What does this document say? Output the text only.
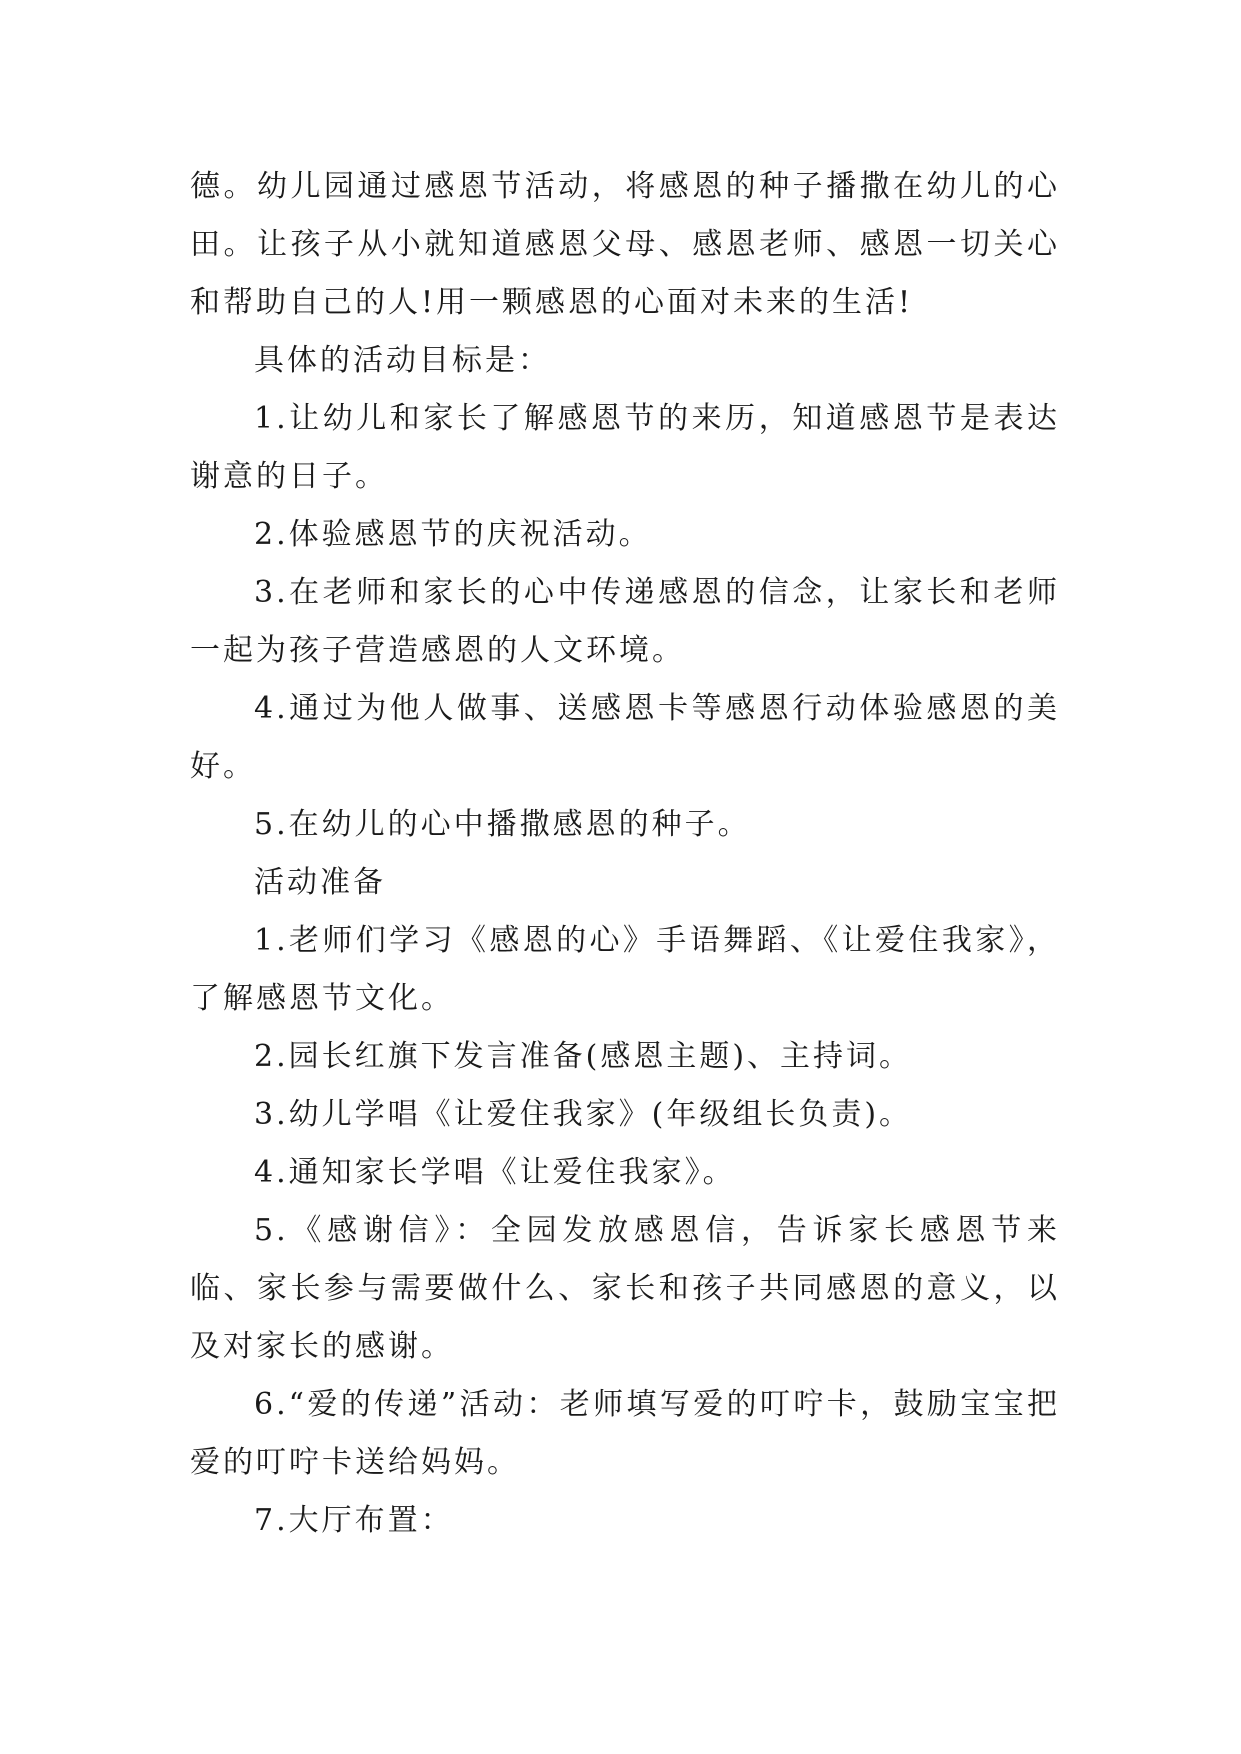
德。幼儿园通过感恩节活动，将感恩的种子播撒在幼儿的心田。让孩子从小就知道感恩父母、感恩老师、感恩一切关心和帮助自己的人!用一颗感恩的心面对未来的生活!

具体的活动目标是：

1.让幼儿和家长了解感恩节的来历，知道感恩节是表达谢意的日子。

2.体验感恩节的庆祝活动。

3.在老师和家长的心中传递感恩的信念，让家长和老师一起为孩子营造感恩的人文环境。

4.通过为他人做事、送感恩卡等感恩行动体验感恩的美好。

5.在幼儿的心中播撒感恩的种子。

活动准备

1.老师们学习《感恩的心》手语舞蹈、《让爱住我家》，了解感恩节文化。

2.园长红旗下发言准备(感恩主题)、主持词。

3.幼儿学唱《让爱住我家》(年级组长负责)。

4.通知家长学唱《让爱住我家》。

5.《感谢信》：全园发放感恩信，告诉家长感恩节来临、家长参与需要做什么、家长和孩子共同感恩的意义，以及对家长的感谢。

6.“爱的传递”活动：老师填写爱的叮咛卡，鼓励宝宝把爱的叮咛卡送给妈妈。

7.大厅布置：
